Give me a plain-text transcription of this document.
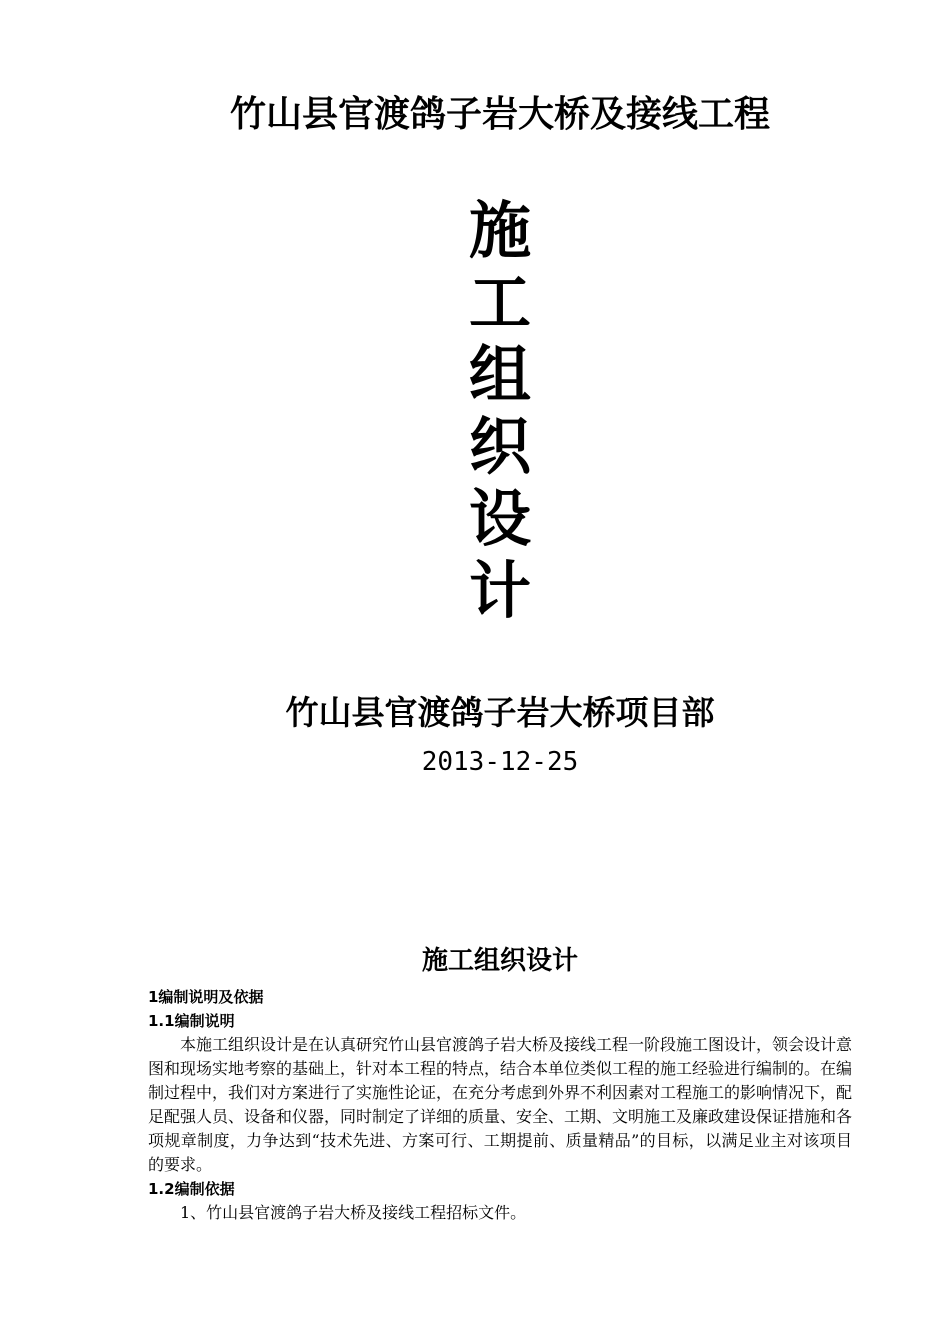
竹山县官渡鸽子岩大桥及接线工程
施
工
组
织
设
计
竹山县官渡鸽子岩大桥项目部
2013-12-25
施工组织设计

1编制说明及依据

1.1编制说明

本施工组织设计是在认真研究竹山县官渡鸽子岩大桥及接线工程一阶段施工图设计，领会设计意图和现场实地考察的基础上，针对本工程的特点，结合本单位类似工程的施工经验进行编制的。在编制过程中，我们对方案进行了实施性论证，在充分考虑到外界不利因素对工程施工的影响情况下，配足配强人员、设备和仪器，同时制定了详细的质量、安全、工期、文明施工及廉政建设保证措施和各项规章制度，力争达到“技术先进、方案可行、工期提前、质量精品”的目标，以满足业主对该项目的要求。

1.2编制依据

1、竹山县官渡鸽子岩大桥及接线工程招标文件。
